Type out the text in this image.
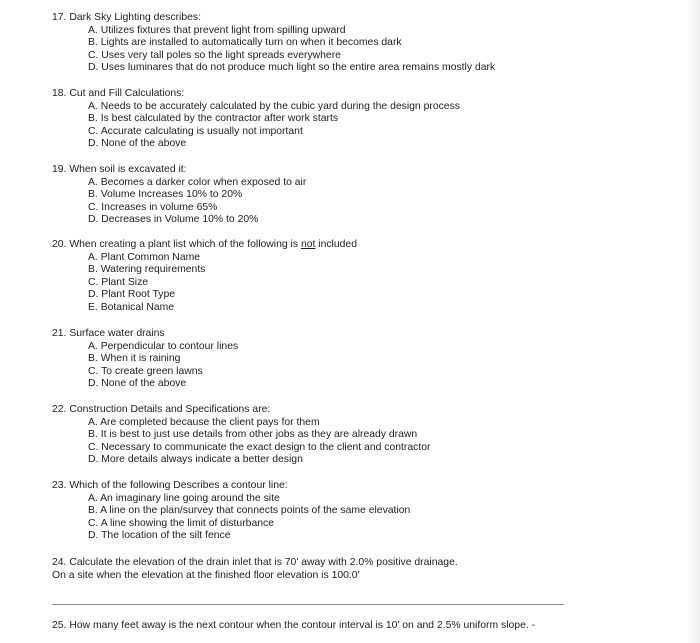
17. Dark Sky Lighting describes:
A. Utilizes fixtures that prevent light from spilling upward
B. Lights are installed to automatically turn on when it becomes dark
C. Uses very tall poles so the light spreads everywhere
D. Uses luminares that do not produce much light so the entire area remains mostly dark
18. Cut and Fill Calculations:
A. Needs to be accurately calculated by the cubic yard during the design process
B. Is best calculated by the contractor after work starts
C. Accurate calculating is usually not important
D. None of the above
19. When soil is excavated it:
A. Becomes a darker color when exposed to air
B. Volume Increases 10% to 20%
C. Increases in volume 65%
D. Decreases in Volume 10% to 20%
20. When creating a plant list which of the following is not included
A. Plant Common Name
B. Watering requirements
C. Plant Size
D. Plant Root Type
E. Botanical Name
21. Surface water drains
A. Perpendicular to contour lines
B. When it is raining
C. To create green lawns
D. None of the above
22. Construction Details and Specifications are:
A. Are completed because the client pays for them
B. It is best to just use details from other jobs as they are already drawn
C. Necessary to communicate the exact design to the client and contractor
D. More details always indicate a better design
23. Which of the following Describes a contour line:
A. An imaginary line going around the site
B. A line on the plan/survey that connects points of the same elevation
C. A line showing the limit of disturbance
D. The location of the silt fence
24. Calculate the elevation of the drain inlet that is 70' away with 2.0% positive drainage.
On a site when the elevation at the finished floor elevation is 100.0'
25. How many feet away is the next contour when the contour interval is 10' on and 2.5% uniform slope. -
